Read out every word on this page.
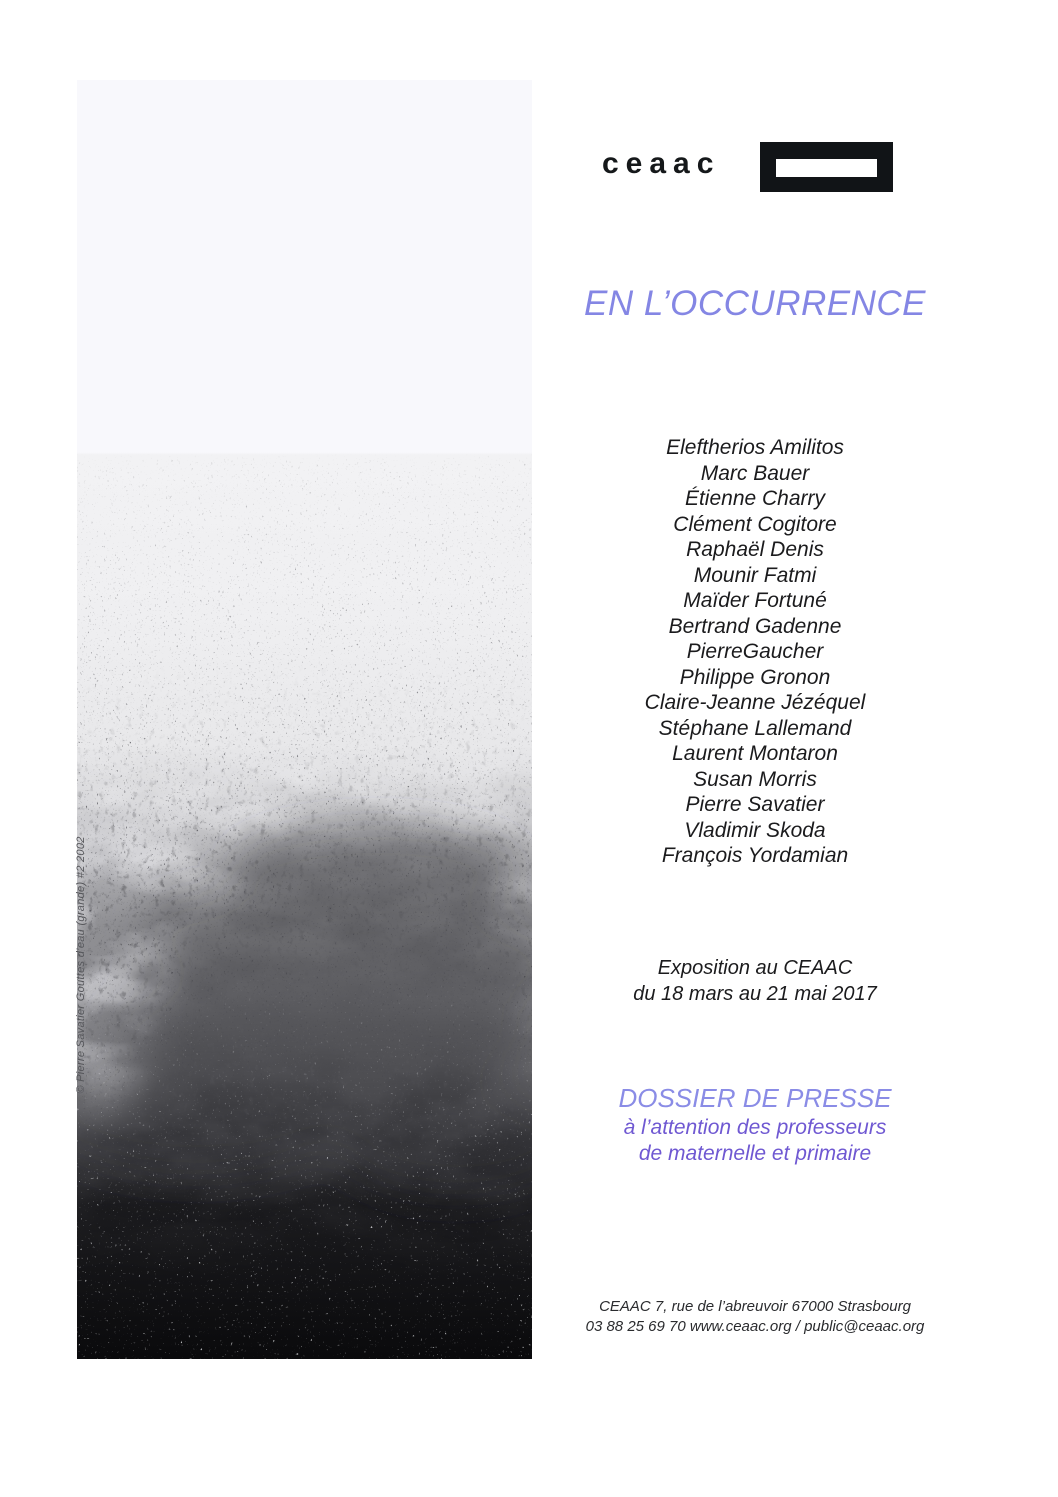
© Pierre Savatier Gouttes d’eau (grande) #2 2002
ceaac
EN L’OCCURRENCE
Eleftherios Amilitos
Marc Bauer
Étienne Charry
Clément Cogitore
Raphaël Denis
Mounir Fatmi
Maïder Fortuné
Bertrand Gadenne
PierreGaucher
Philippe Gronon
Claire-Jeanne Jézéquel
Stéphane Lallemand
Laurent Montaron
Susan Morris
Pierre Savatier
Vladimir Skoda
François Yordamian
Exposition au CEAAC
du 18 mars au 21 mai 2017
DOSSIER DE PRESSE
à l’attention des professeurs
de maternelle et primaire
CEAAC 7, rue de l’abreuvoir 67000 Strasbourg
03 88 25 69 70 www.ceaac.org / public@ceaac.org
